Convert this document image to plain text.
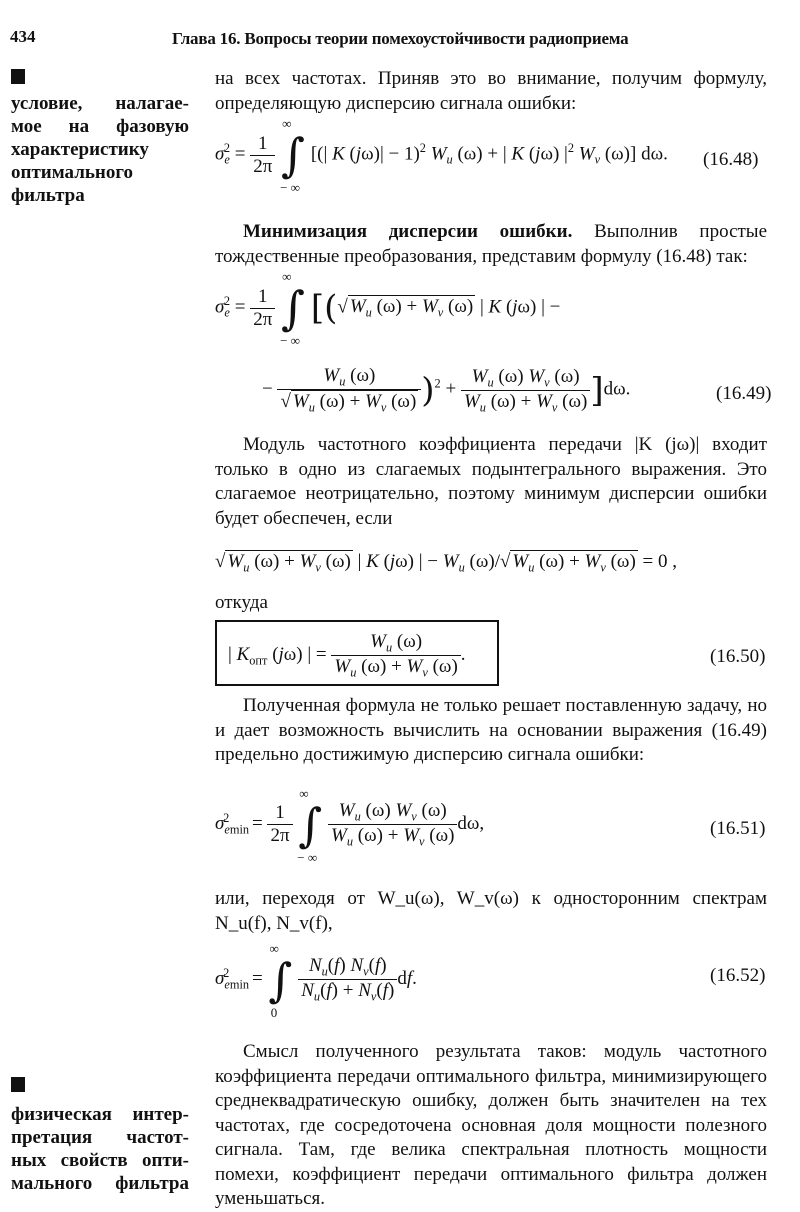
434	Глава 16. Вопросы теории помехоустойчивости радиоприема
условие, налагае-
мое на фазовую
характеристику
оптимального
фильтра
на всех частотах. Приняв это во внимание, получим формулу,
определяющую дисперсию сигнала ошибки:
$\sigma_e^2 = \frac{1}{2\pi}$

∞
∫
− ∞
[(| K (jω)| − 1)$^2$ $W_u$ (ω) + | K (jω) $|^2$ $W_v$ (ω)] dω. (16.48)
Минимизация дисперсии ошибки. Выполнив простые тождественные преобразования, представим формулу (16.48) так:
$\sigma_e^2 = \frac{1}{2\pi}$

∞
∫
− ∞
[(√ $W_u$ $(\omega) + W_v$ (ω) | K (jω) | −
− $\frac{W_u (\omega)}{√ W_u (\omega) + W_v (\omega)} )^2 + \frac{W_u (\omega) W_v (\omega)}{W_u (\omega) + W_v (\omega)} ]d\omega$.	(16.49)
Модуль частотного коэффициента передачи |K (jω)| входит только в одно из слагаемых подынтегрального выражения. Это слагаемое неотрицательно, поэтому минимум дисперсии ошибки будет обеспечен, если
√ $W_u$ $(\omega) + W_v$ (ω) | K (jω) | − $W_u$ (ω)/√ $W_u$ $(\omega) + W_v$ (ω) = 0 ,
откуда
| $K_{опт}$ (jω) | = $\frac{W_u (\omega)}{W_u (\omega) + W_v (\omega)}$ .	(16.50)
Полученная формула не только решает поставленную задачу, но и дает возможность вычислить на основании выражения (16.49) предельно достижимую дисперсию сигнала ошибки:
$\sigma_{emin}^2 = \frac{1}{2\pi}$

∞
∫
− ∞

$\frac{W_u (\omega) W_v (\omega)}{W_u (\omega) + W_v (\omega)} d\omega$,	(16.51)
или, переходя от W_u(ω), W_v(ω) к односторонним спектрам
N_u(f), N_v(f),
$\sigma_{emin}^2$ =
∞
∫
0

$\frac{N_u(f) N_v(f)}{N_u(f) + N_v(f)}$ df.	(16.52)
физическая интер-
претация частот-
ных свойств опти-
мального фильтра
Смысл полученного результата таков: модуль частотного коэффициента передачи оптимального фильтра, минимизирующего среднеквадратическую ошибку, должен быть значителен на тех частотах, где сосредоточена основная доля мощности полезного сигнала. Там, где велика спектральная плотность мощности помехи, коэффициент передачи оптимального фильтра должен уменьшаться.
